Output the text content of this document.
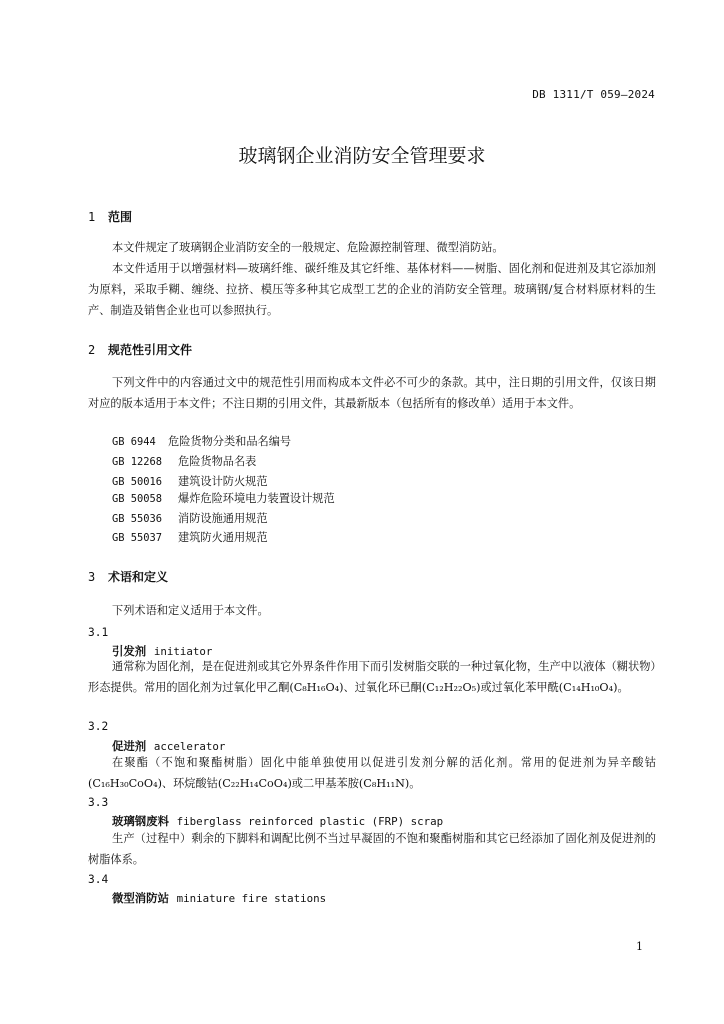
DB 1311/T 059—2024
玻璃钢企业消防安全管理要求
1 范围
本文件规定了玻璃钢企业消防安全的一般规定、危险源控制管理、微型消防站。
本文件适用于以增强材料—玻璃纤维、碳纤维及其它纤维、基体材料——树脂、固化剂和促进剂及其它添加剂为原料，采取手糊、缠绕、拉挤、模压等多种其它成型工艺的企业的消防安全管理。玻璃钢/复合材料原材料的生产、制造及销售企业也可以参照执行。
2 规范性引用文件
下列文件中的内容通过文中的规范性引用而构成本文件必不可少的条款。其中，注日期的引用文件，仅该日期对应的版本适用于本文件；不注日期的引用文件，其最新版本（包括所有的修改单）适用于本文件。
GB 6944 危险货物分类和品名编号
GB 12268 危险货物品名表
GB 50016 建筑设计防火规范
GB 50058 爆炸危险环境电力装置设计规范
GB 55036 消防设施通用规范
GB 55037 建筑防火通用规范
3 术语和定义
下列术语和定义适用于本文件。
3.1
引发剂 initiator
通常称为固化剂，是在促进剂或其它外界条件作用下而引发树脂交联的一种过氧化物，生产中以液体（糊状物）形态提供。常用的固化剂为过氧化甲乙酮(C₈H₁₆O₄)、过氧化环已酮(C₁₂H₂₂O₅)或过氧化苯甲酰(C₁₄H₁₀O₄)。
3.2
促进剂 accelerator
在聚酯（不饱和聚酯树脂）固化中能单独使用以促进引发剂分解的活化剂。常用的促进剂为异辛酸钴(C₁₆H₃₀CoO₄)、环烷酸钴(C₂₂H₁₄CoO₄)或二甲基苯胺(C₈H₁₁N)。
3.3
玻璃钢废料 fiberglass reinforced plastic (FRP) scrap
生产（过程中）剩余的下脚料和调配比例不当过早凝固的不饱和聚酯树脂和其它已经添加了固化剂及促进剂的树脂体系。
3.4
微型消防站 miniature fire stations
1
